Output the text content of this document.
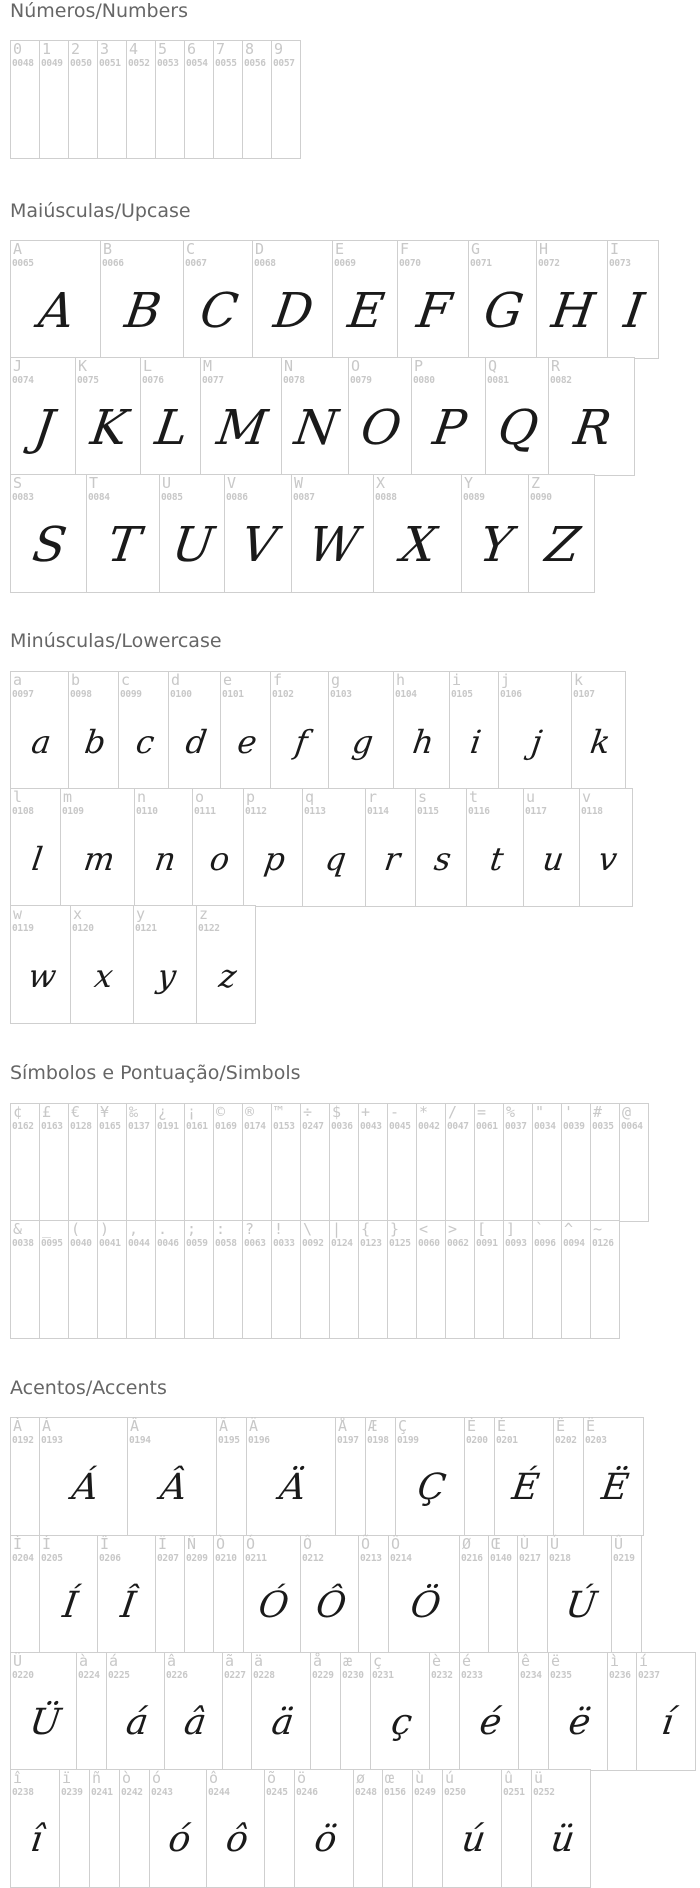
Números/Numbers
0
0048
1
0049
2
0050
3
0051
4
0052
5
0053
6
0054
7
0055
8
0056
9
0057
Maiúsculas/Upcase
A
0065
A
B
0066
B
C
0067
C
D
0068
D
E
0069
E
F
0070
F
G
0071
G
H
0072
H
I
0073
I
J
0074
J
K
0075
K
L
0076
L
M
0077
M
N
0078
N
O
0079
O
P
0080
P
Q
0081
Q
R
0082
R
S
0083
S
T
0084
T
U
0085
U
V
0086
V
W
0087
W
X
0088
X
Y
0089
Y
Z
0090
Z
Minúsculas/Lowercase
a
0097
a
b
0098
b
c
0099
c
d
0100
d
e
0101
e
f
0102
f
g
0103
g
h
0104
h
i
0105
i
j
0106
j
k
0107
k
l
0108
l
m
0109
m
n
0110
n
o
0111
o
p
0112
p
q
0113
q
r
0114
r
s
0115
s
t
0116
t
u
0117
u
v
0118
v
w
0119
w
x
0120
x
y
0121
y
z
0122
z
Símbolos e Pontuação/Simbols
¢
0162
£
0163
€
0128
¥
0165
‰
0137
¿
0191
¡
0161
©
0169
®
0174
™
0153
÷
0247
$
0036
+
0043
-
0045
*
0042
/
0047
=
0061
%
0037
"
0034
'
0039
#
0035
@
0064
&
0038
_
0095
(
0040
)
0041
,
0044
.
0046
;
0059
:
0058
?
0063
!
0033
\
0092
|
0124
{
0123
}
0125
<
0060
>
0062
[
0091
]
0093
`
0096
^
0094
~
0126
Acentos/Accents
À
0192
Á
0193
Á
Â
0194
Â
Ã
0195
Ä
0196
Ä
Å
0197
Æ
0198
Ç
0199
Ç
È
0200
É
0201
É
Ê
0202
Ë
0203
Ë
Ì
0204
Í
0205
Í
Î
0206
Î
Ï
0207
Ñ
0209
Ò
0210
Ó
0211
Ó
Ô
0212
Ô
Õ
0213
Ö
0214
Ö
Ø
0216
Œ
0140
Ù
0217
Ú
0218
Ú
Û
0219
Ü
0220
Ü
à
0224
á
0225
á
â
0226
â
ã
0227
ä
0228
ä
å
0229
æ
0230
ç
0231
ç
è
0232
é
0233
é
ê
0234
ë
0235
ë
ì
0236
í
0237
í
î
0238
î
ï
0239
ñ
0241
ò
0242
ó
0243
ó
ô
0244
ô
õ
0245
ö
0246
ö
ø
0248
œ
0156
ù
0249
ú
0250
ú
û
0251
ü
0252
ü
